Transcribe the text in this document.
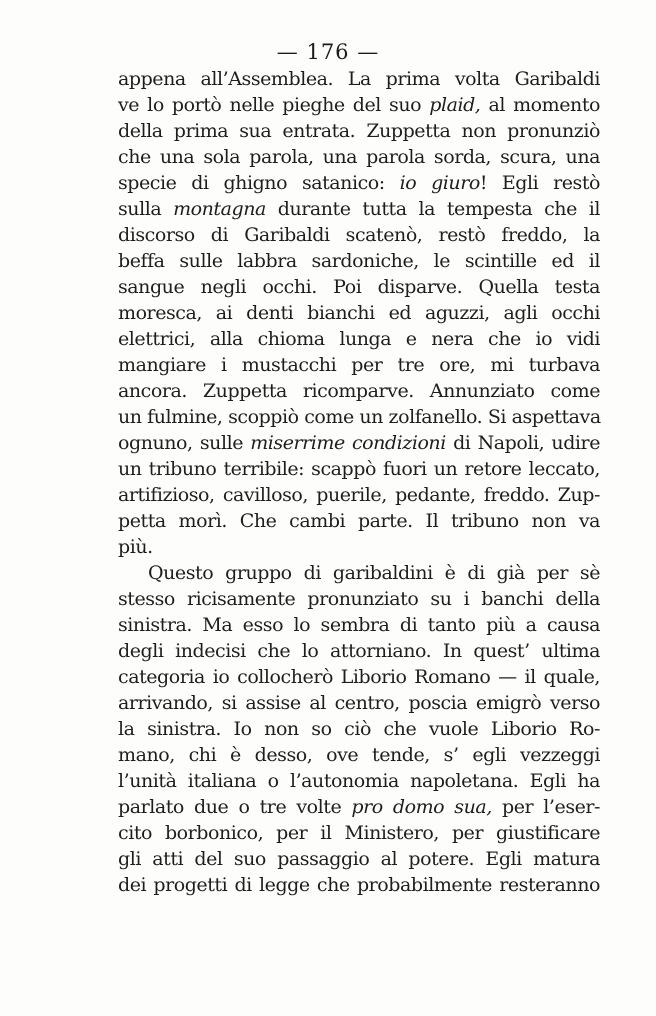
— 176 —
appena all’Assemblea. La prima volta Garibaldi
ve lo portò nelle pieghe del suo plaid, al momento
della prima sua entrata. Zuppetta non pronunziò
che una sola parola, una parola sorda, scura, una
specie di ghigno satanico: io giuro! Egli restò
sulla montagna durante tutta la tempesta che il
discorso di Garibaldi scatenò, restò freddo, la
beffa sulle labbra sardoniche, le scintille ed il
sangue negli occhi. Poi disparve. Quella testa
moresca, ai denti bianchi ed aguzzi, agli occhi
elettrici, alla chioma lunga e nera che io vidi
mangiare i mustacchi per tre ore, mi turbava
ancora. Zuppetta ricomparve. Annunziato come
un fulmine, scoppiò come un zolfanello. Si aspettava
ognuno, sulle miserrime condizioni di Napoli, udire
un tribuno terribile: scappò fuori un retore leccato,
artifizioso, cavilloso, puerile, pedante, freddo. Zup-
petta morì. Che cambi parte. Il tribuno non va
più.
Questo gruppo di garibaldini è di già per sè
stesso ricisamente pronunziato su i banchi della
sinistra. Ma esso lo sembra di tanto più a causa
degli indecisi che lo attorniano. In quest’ ultima
categoria io collocherò Liborio Romano — il quale,
arrivando, si assise al centro, poscia emigrò verso
la sinistra. Io non so ciò che vuole Liborio Ro-
mano, chi è desso, ove tende, s’ egli vezzeggi
l’unità italiana o l’autonomia napoletana. Egli ha
parlato due o tre volte pro domo sua, per l’eser-
cito borbonico, per il Ministero, per giustificare
gli atti del suo passaggio al potere. Egli matura
dei progetti di legge che probabilmente resteranno
